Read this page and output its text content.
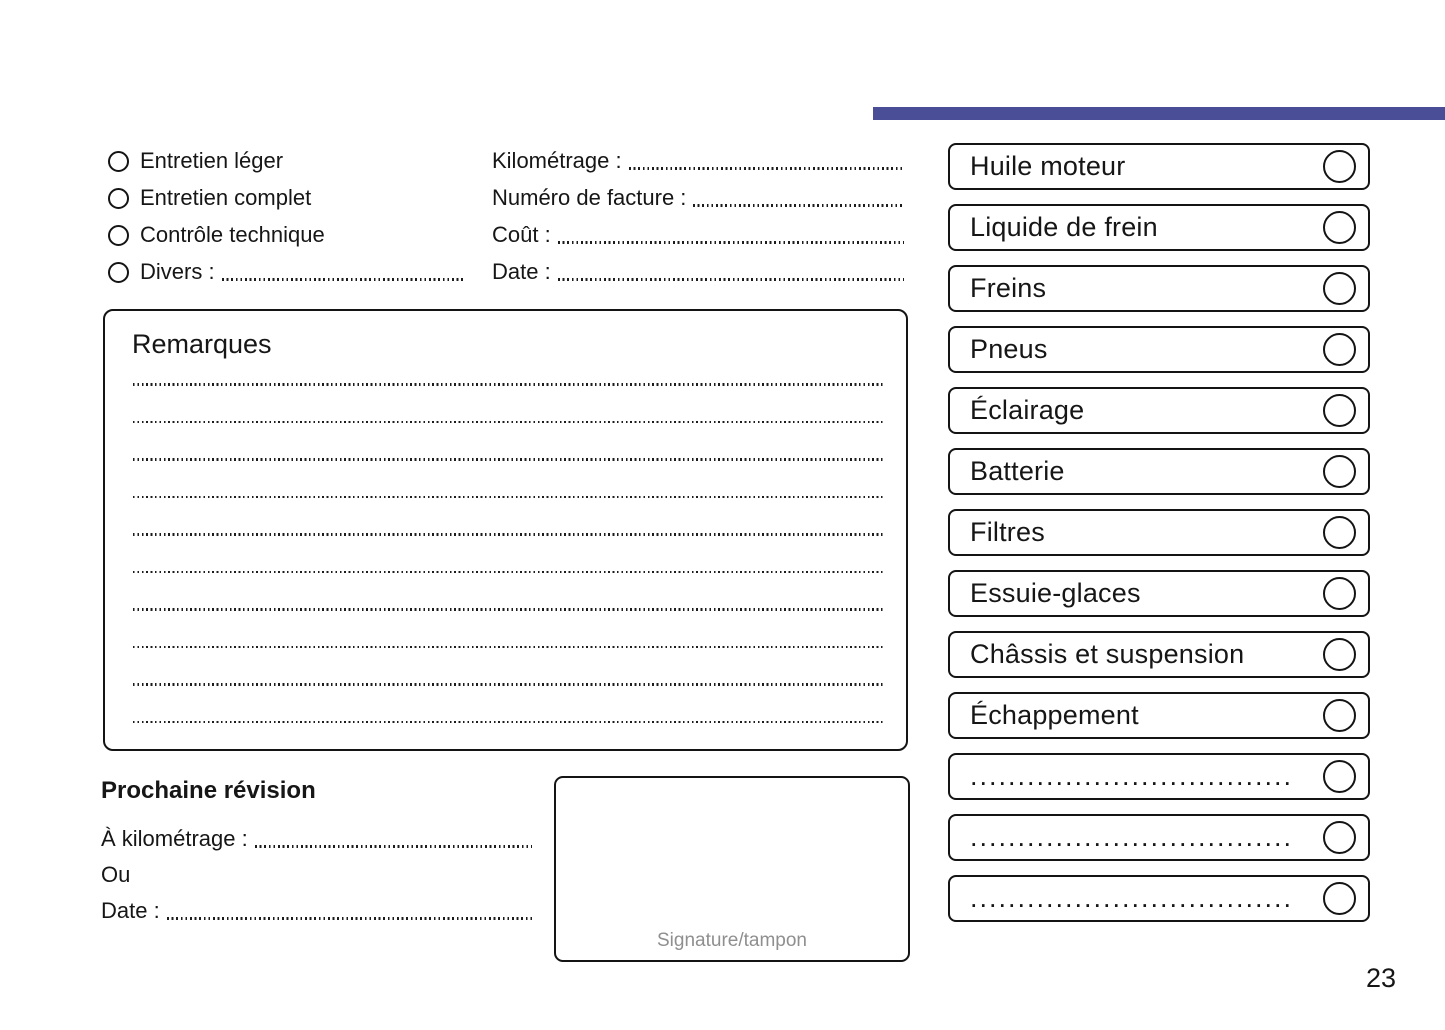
Entretien léger
Entretien complet
Contrôle technique
Divers :
Kilométrage :
Numéro de facture :
Coût :
Date :
Remarques
Prochaine révision
À kilométrage :
Ou
Date :
Signature/tampon
Huile moteur
Liquide de frein
Freins
Pneus
Éclairage
Batterie
Filtres
Essuie-glaces
Châssis et suspension
Échappement
..................................
..................................
..................................
23
